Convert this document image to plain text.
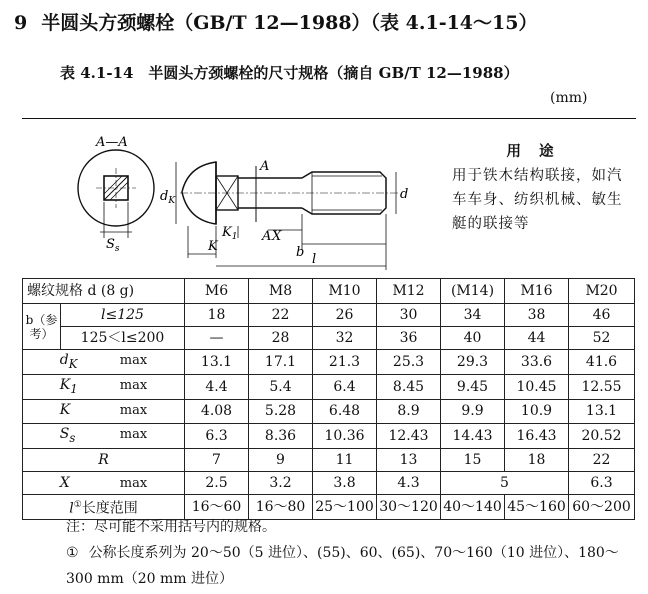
9 半圆头方颈螺栓（GB/T 12—1988）（表 4.1-14～15）
表 4.1-14　半圆头方颈螺栓的尺寸规格（摘自 GB/T 12—1988）
(mm)
A—A
$S_s$
A
A
$d_K$	d
$K_1$
K
X
b l
用途
用于铁木结构联接，如汽车车身、纺织机械、敏生艇的联接等
螺纹规格 d (8 g)		M6	M8	M10	M12	(M14)	M16	M20
b（参考）	l≤125	18	22	26	30	34	38	46
	125＜l≤200	—	28	32	36	40	44	52
$d_K$ max		13.1	17.1	21.3	25.3	29.3	33.6	41.6
$K_1$ max		4.4	5.4	6.4	8.45	9.45	10.45	12.55
K max		4.08	5.28	6.48	8.9	9.9	10.9	13.1
$S_s$ max		6.3	8.36	10.36	12.43	14.43	16.43	20.52
R		7	9	11	13	15	18	22
X max		2.5	3.2	3.8	4.3	5		6.3
l①长度范围		16～60	16～80	25～100	30～120	40～140	45～160	60～200
注：尽可能不采用括号内的规格。
① 公称长度系列为 20～50（5 进位）、(55)、60、(65)、70～160（10 进位）、180～300 mm（20 mm 进位）
